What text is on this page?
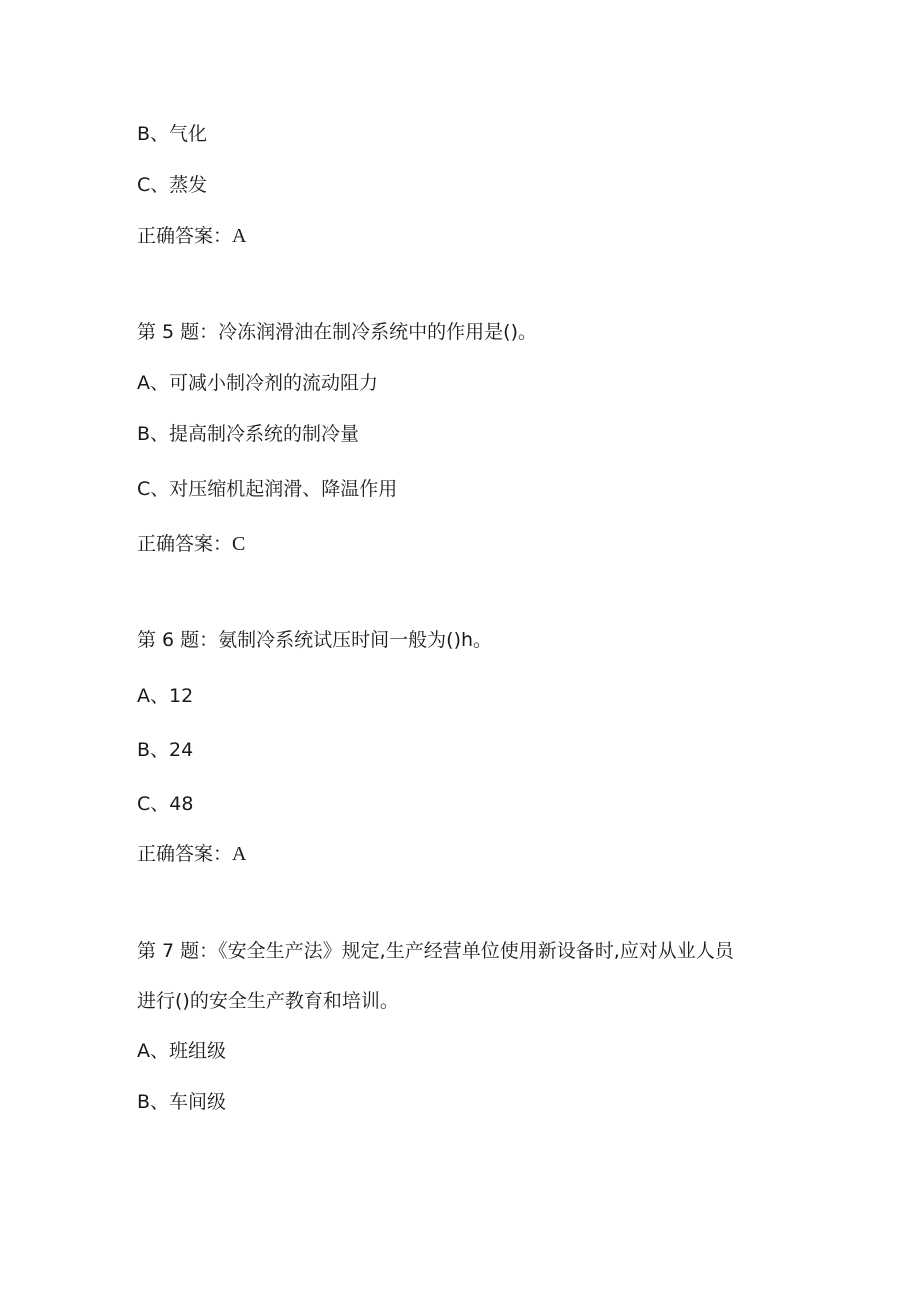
B、气化
C、蒸发
正确答案：A
第 5 题：冷冻润滑油在制冷系统中的作用是()。
A、可减小制冷剂的流动阻力
B、提高制冷系统的制冷量
C、对压缩机起润滑、降温作用
正确答案：C
第 6 题：氨制冷系统试压时间一般为()h。
A、12
B、24
C、48
正确答案：A
第 7 题：《安全生产法》规定,生产经营单位使用新设备时,应对从业人员
进行()的安全生产教育和培训。
A、班组级
B、车间级
